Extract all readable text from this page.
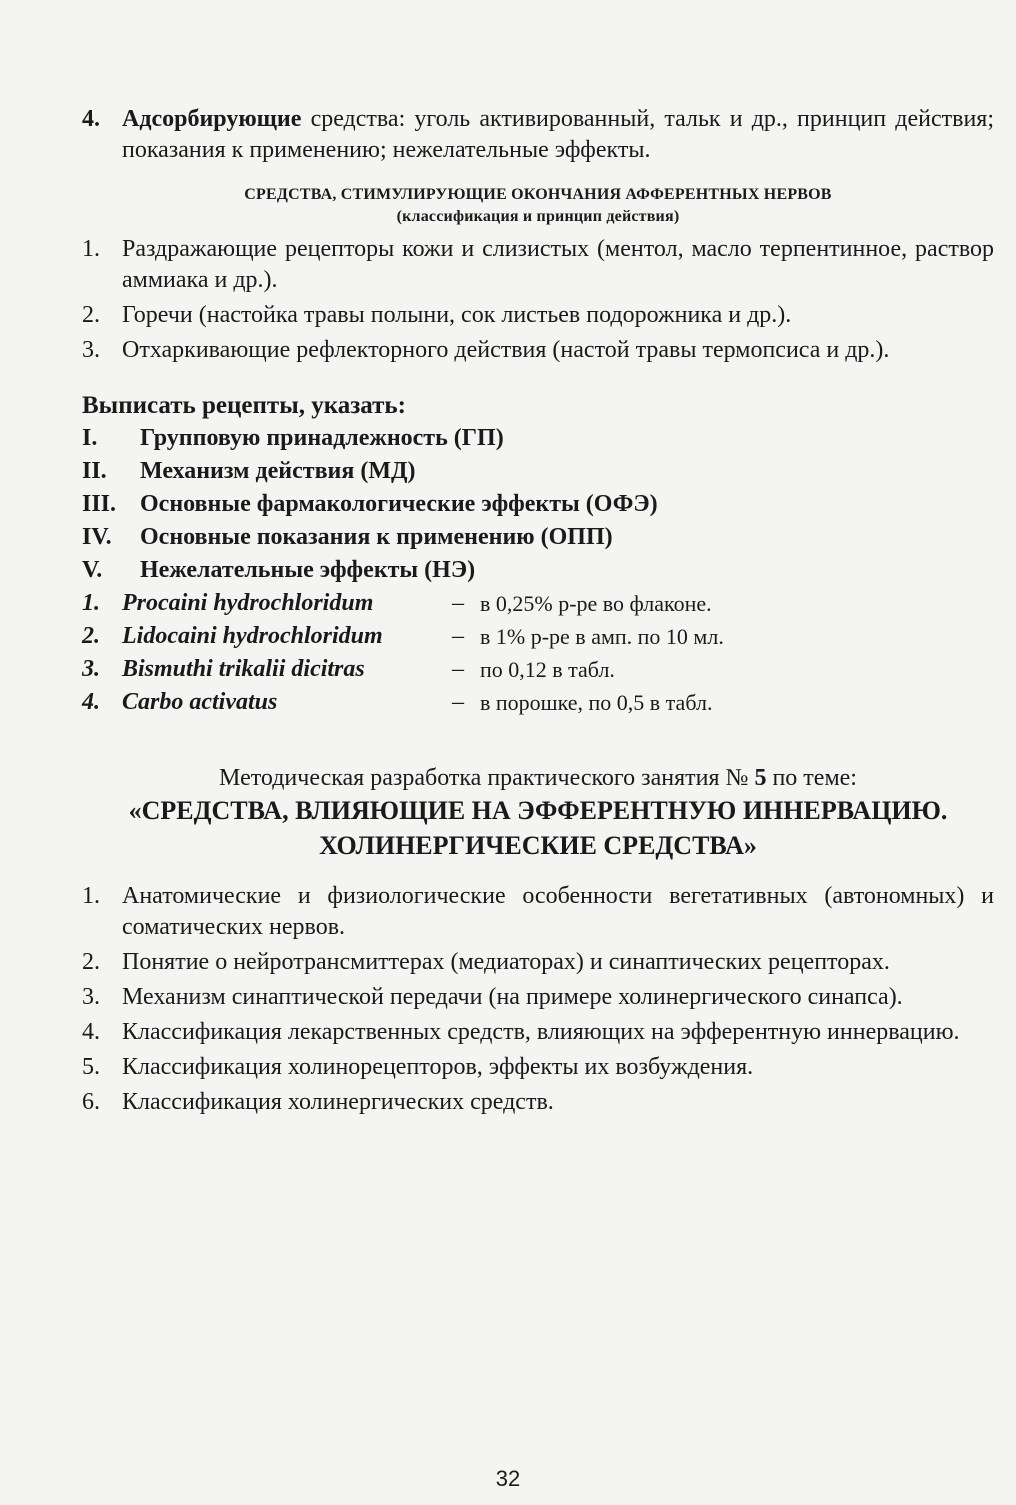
4. Адсорбирующие средства: уголь активированный, тальк и др., принцип действия; показания к применению; нежелательные эффекты.
СРЕДСТВА, СТИМУЛИРУЮЩИЕ ОКОНЧАНИЯ АФФЕРЕНТНЫХ НЕРВОВ
(классификация и принцип действия)
1. Раздражающие рецепторы кожи и слизистых (ментол, масло терпентинное, раствор аммиака и др.).
2. Горечи (настойка травы полыни, сок листьев подорожника и др.).
3. Отхаркивающие рефлекторного действия (настой травы термопсиса и др.).
Выписать рецепты, указать:
I.	Групповую принадлежность (ГП)
II.	Механизм действия (МД)
III. Основные фармакологические эффекты (ОФЭ)
IV.	Основные показания к применению (ОПП)
V.	Нежелательные эффекты (НЭ)
1. Procaini hydrochloridum	– в 0,25% р-ре во флаконе.
2. Lidocaini hydrochloridum	– в 1% р-ре в амп. по 10 мл.
3. Bismuthi trikalii dicitras	– по 0,12 в табл.
4. Carbo activatus	– в порошке, по 0,5 в табл.
Методическая разработка практического занятия № 5 по теме:
«СРЕДСТВА, ВЛИЯЮЩИЕ НА ЭФФЕРЕНТНУЮ ИННЕРВАЦИЮ.
ХОЛИНЕРГИЧЕСКИЕ СРЕДСТВА»
1. Анатомические и физиологические особенности вегетативных (автономных) и соматических нервов.
2. Понятие о нейротрансмиттерах (медиаторах) и синаптических рецепторах.
3. Механизм синаптической передачи (на примере холинергического синапса).
4. Классификация лекарственных средств, влияющих на эфферентную иннервацию.
5. Классификация холинорецепторов, эффекты их возбуждения.
6. Классификация холинергических средств.
32
